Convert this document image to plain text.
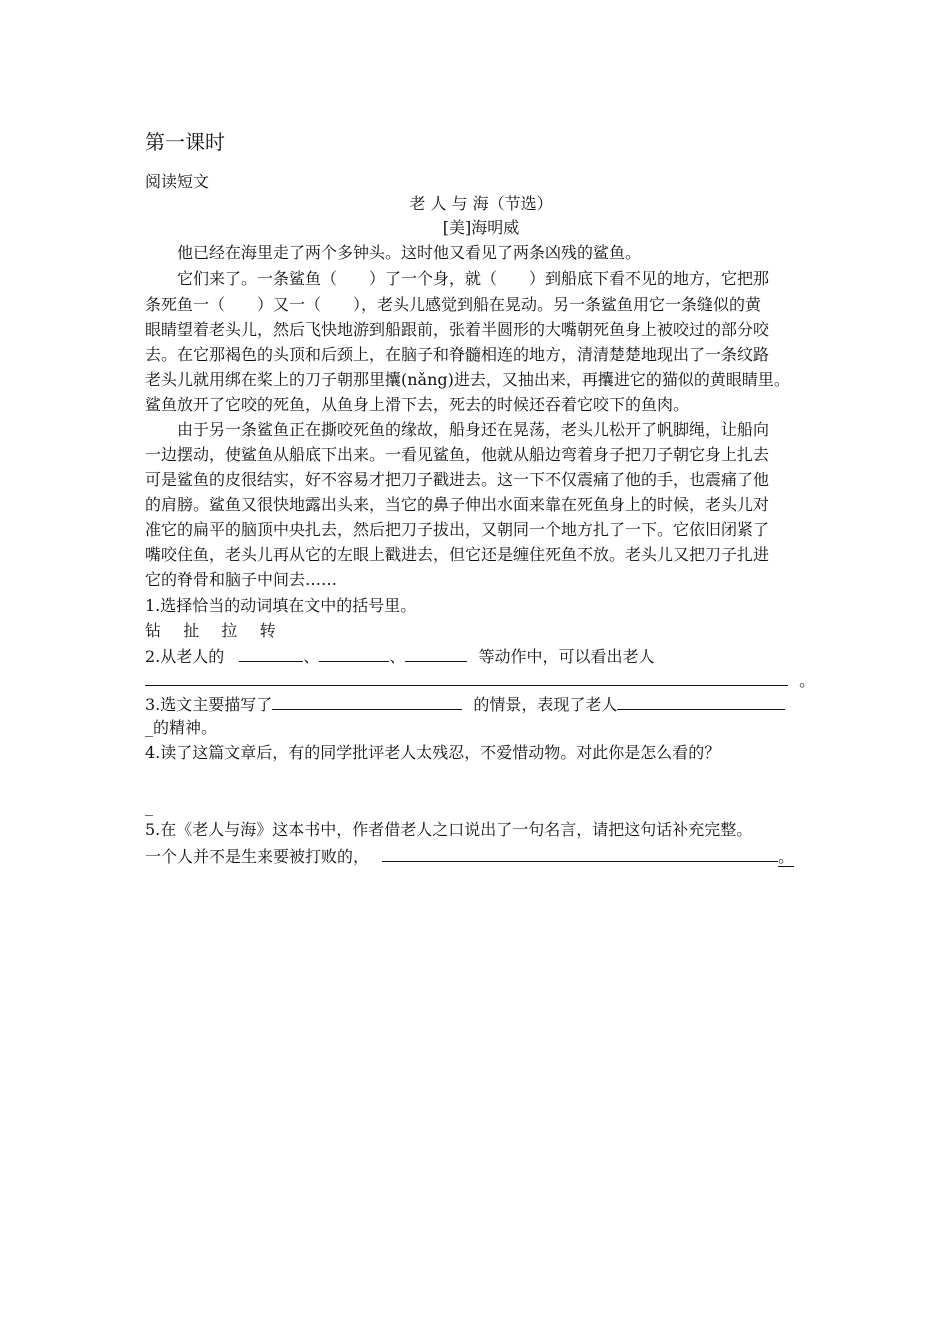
第一课时
阅读短文
老 人 与 海（节选）
[美]海明威
他已经在海里走了两个多钟头。这时他又看见了两条凶残的鲨鱼。
它们来了。一条鲨鱼（　　）了一个身，就（　　）到船底下看不见的地方，它把那
条死鱼一（　　）又一（　　），老头儿感觉到船在晃动。另一条鲨鱼用它一条缝似的黄
眼睛望着老头儿，然后飞快地游到船跟前，张着半圆形的大嘴朝死鱼身上被咬过的部分咬
去。在它那褐色的头顶和后颈上，在脑子和脊髓相连的地方，清清楚楚地现出了一条纹路
老头儿就用绑在桨上的刀子朝那里攮(nǎng)进去，又抽出来，再攮进它的猫似的黄眼睛里。
鲨鱼放开了它咬的死鱼，从鱼身上滑下去，死去的时候还吞着它咬下的鱼肉。
由于另一条鲨鱼正在撕咬死鱼的缘故，船身还在晃荡，老头儿松开了帆脚绳，让船向
一边摆动，使鲨鱼从船底下出来。一看见鲨鱼，他就从船边弯着身子把刀子朝它身上扎去
可是鲨鱼的皮很结实，好不容易才把刀子戳进去。这一下不仅震痛了他的手，也震痛了他
的肩膀。鲨鱼又很快地露出头来，当它的鼻子伸出水面来靠在死鱼身上的时候，老头儿对
准它的扁平的脑顶中央扎去，然后把刀子拔出，又朝同一个地方扎了一下。它依旧闭紧了
嘴咬住鱼，老头儿再从它的左眼上戳进去，但它还是缠住死鱼不放。老头儿又把刀子扎进
它的脊骨和脑子中间去……
1.选择恰当的动词填在文中的括号里。
钻 扯 拉 转
2.从老人的	、	、	等动作中，可以看出老人
。
3.选文主要描写了	的情景，表现了老人
_的精神。
4.读了这篇文章后，有的同学批评老人太残忍，不爱惜动物。对此你是怎么看的？
_
5.在《老人与海》这本书中，作者借老人之口说出了一句名言，请把这句话补充完整。
一个人并不是生来要被打败的，	。
